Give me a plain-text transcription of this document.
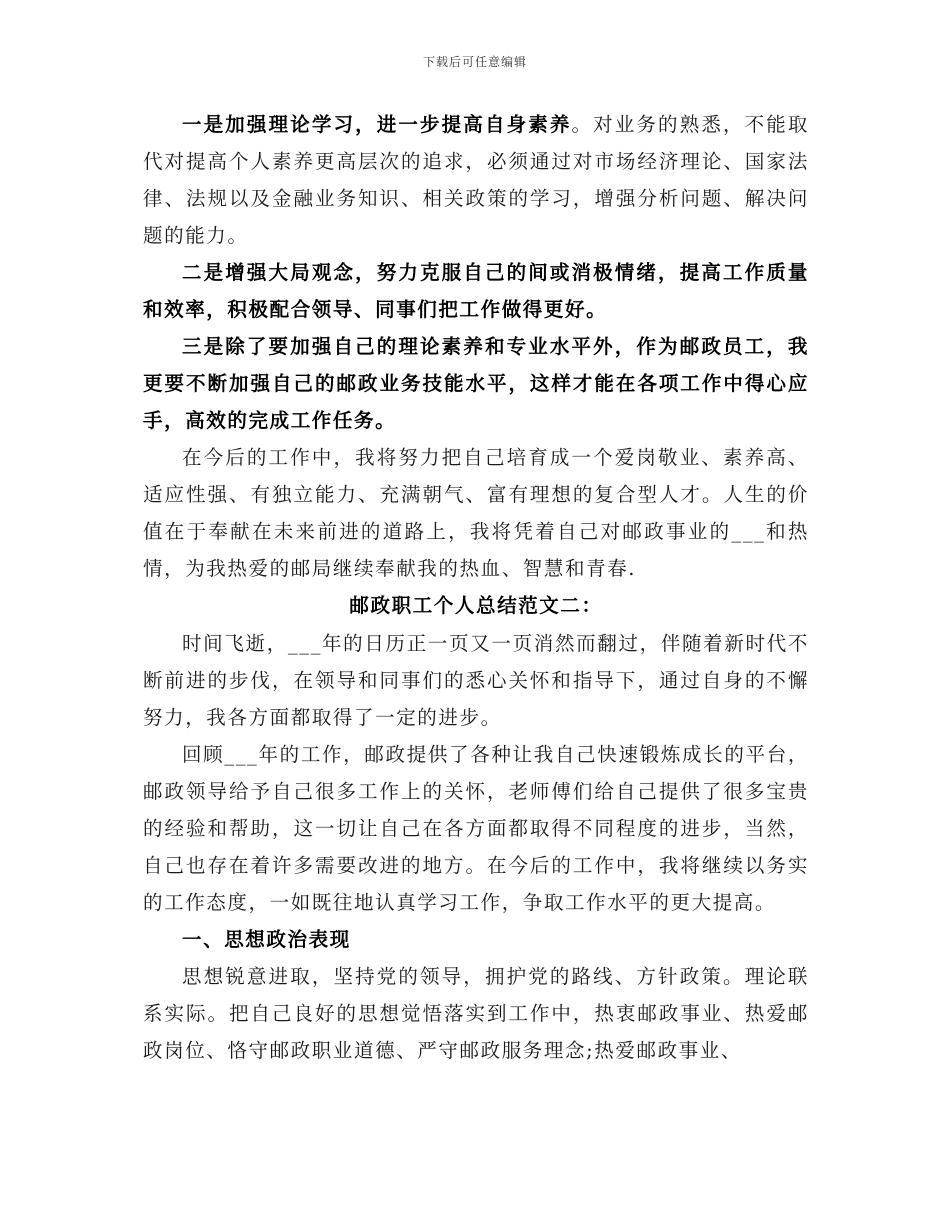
下载后可任意编辑

一是加强理论学习，进一步提高自身素养。对业务的熟悉，不能取代对提高个人素养更高层次的追求，必须通过对市场经济理论、国家法律、法规以及金融业务知识、相关政策的学习，增强分析问题、解决问题的能力。

二是增强大局观念，努力克服自己的间或消极情绪，提高工作质量和效率，积极配合领导、同事们把工作做得更好。

三是除了要加强自己的理论素养和专业水平外，作为邮政员工，我更要不断加强自己的邮政业务技能水平，这样才能在各项工作中得心应手，高效的完成工作任务。

在今后的工作中，我将努力把自己培育成一个爱岗敬业、素养高、适应性强、有独立能力、充满朝气、富有理想的复合型人才。人生的价值在于奉献在未来前进的道路上，我将凭着自己对邮政事业的___和热情，为我热爱的邮局继续奉献我的热血、智慧和青春.

邮政职工个人总结范文二：

时间飞逝，___年的日历正一页又一页消然而翻过，伴随着新时代不断前进的步伐，在领导和同事们的悉心关怀和指导下，通过自身的不懈努力，我各方面都取得了一定的进步。

回顾___年的工作，邮政提供了各种让我自己快速锻炼成长的平台，邮政领导给予自己很多工作上的关怀，老师傅们给自己提供了很多宝贵的经验和帮助，这一切让自己在各方面都取得不同程度的进步，当然，自己也存在着许多需要改进的地方。在今后的工作中，我将继续以务实的工作态度，一如既往地认真学习工作，争取工作水平的更大提高。

一、思想政治表现

思想锐意进取，坚持党的领导，拥护党的路线、方针政策。理论联系实际。把自己良好的思想觉悟落实到工作中，热衷邮政事业、热爱邮政岗位、恪守邮政职业道德、严守邮政服务理念;热爱邮政事业、
